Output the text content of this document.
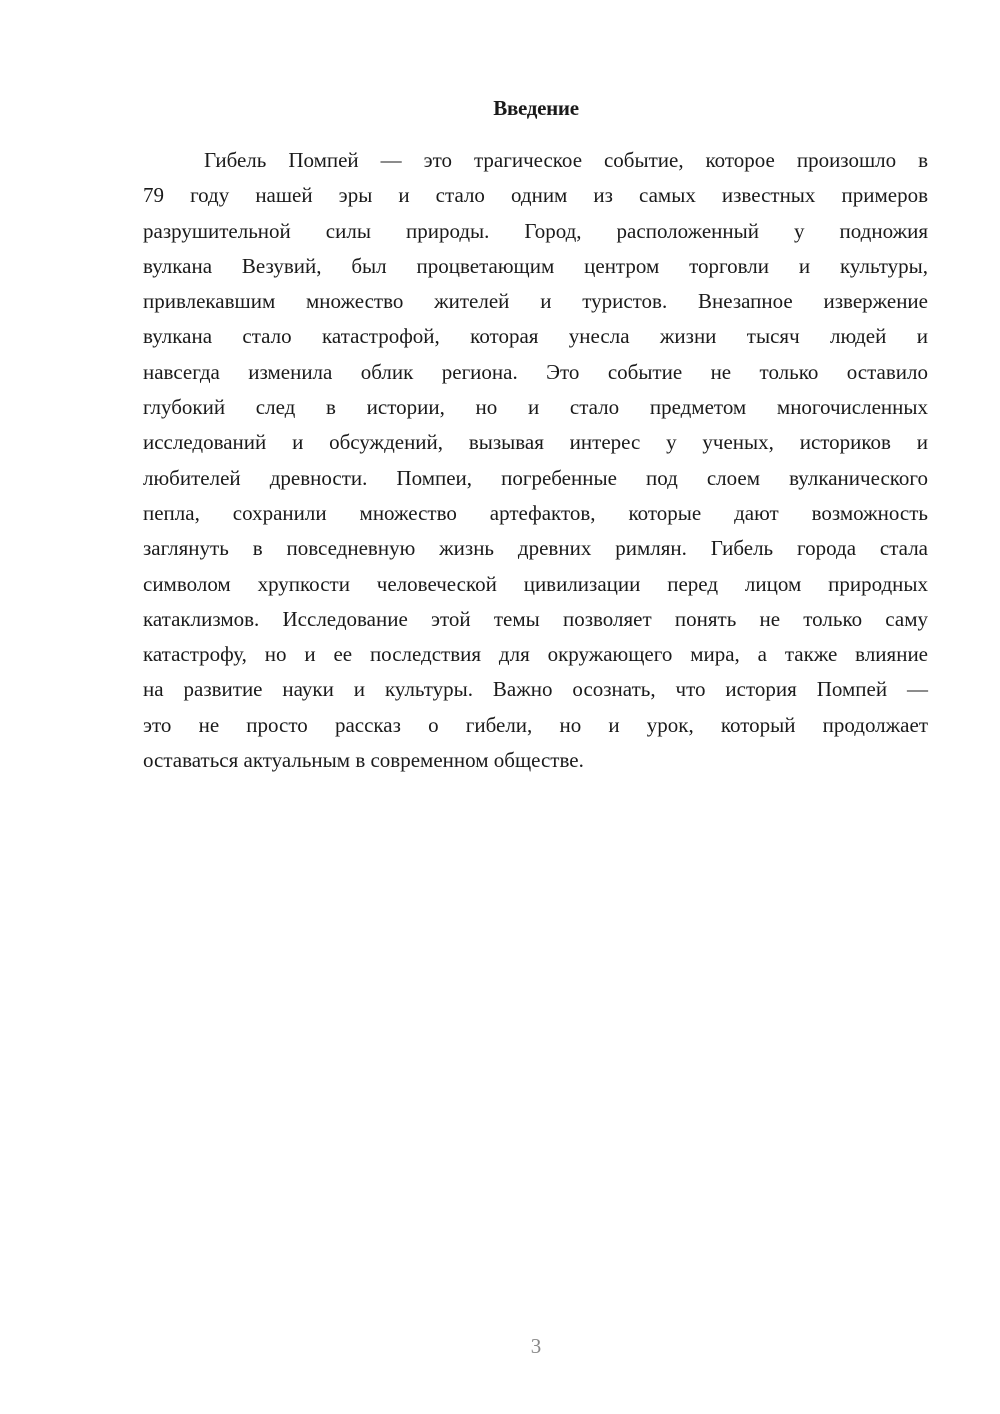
Введение
Гибель Помпей — это трагическое событие, которое произошло в
79 году нашей эры и стало одним из самых известных примеров
разрушительной силы природы. Город, расположенный у подножия
вулкана Везувий, был процветающим центром торговли и культуры,
привлекавшим множество жителей и туристов. Внезапное извержение
вулкана стало катастрофой, которая унесла жизни тысяч людей и
навсегда изменила облик региона. Это событие не только оставило
глубокий след в истории, но и стало предметом многочисленных
исследований и обсуждений, вызывая интерес у ученых, историков и
любителей древности. Помпеи, погребенные под слоем вулканического
пепла, сохранили множество артефактов, которые дают возможность
заглянуть в повседневную жизнь древних римлян. Гибель города стала
символом хрупкости человеческой цивилизации перед лицом природных
катаклизмов. Исследование этой темы позволяет понять не только саму
катастрофу, но и ее последствия для окружающего мира, а также влияние
на развитие науки и культуры. Важно осознать, что история Помпей —
это не просто рассказ о гибели, но и урок, который продолжает
оставаться актуальным в современном обществе.
3
